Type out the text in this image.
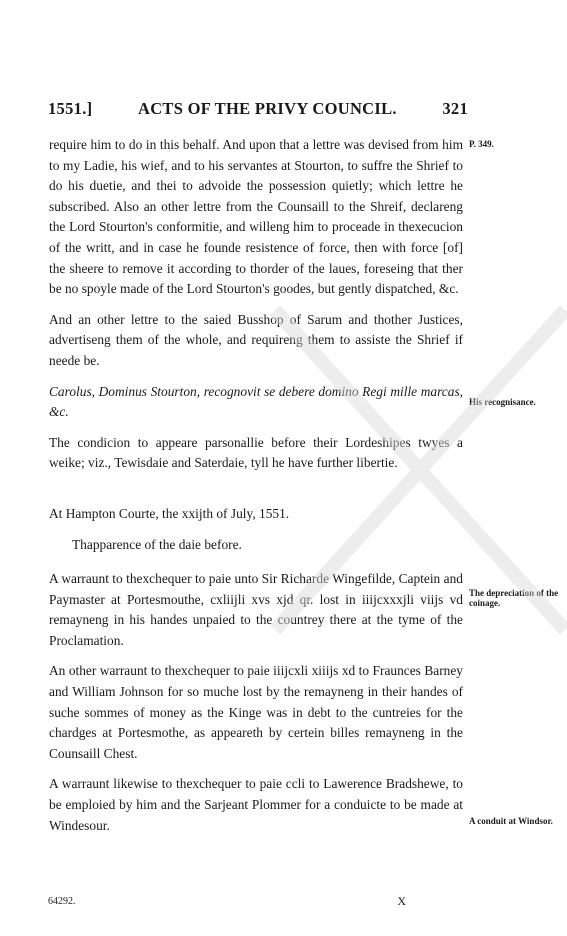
1551.]	ACTS OF THE PRIVY COUNCIL.	321

require him to do in this behalf. And upon that a lettre was devised from him to my Ladie, his wief, and to his servantes at Stourton, to suffre the Shrief to do his duetie, and thei to advoide the possession quietly; which lettre he subscribed. Also an other lettre from the Counsaill to the Shreif, declareng the Lord Stourton's conformitie, and willeng him to proceade in thexecucion of the writt, and in case he founde resistence of force, then with force [of] the sheere to remove it according to thorder of the laues, foreseing that ther be no spoyle made of the Lord Stourton's goodes, but gently dispatched, &c.

And an other lettre to the saied Busshop of Sarum and thother Justices, advertiseng them of the whole, and requireng them to assiste the Shrief if neede be.

Carolus, Dominus Stourton, recognovit se debere domino Regi mille marcas, &c.

The condicion to appeare parsonallie before their Lordeshipes twyes a weike; viz., Tewisdaie and Saterdaie, tyll he have further libertie.

At Hampton Courte, the xxijth of July, 1551.

Thapparence of the daie before.

A warraunt to thexchequer to paie unto Sir Richarde Wingefilde, Captein and Paymaster at Portesmouthe, cxliijli xvs xjd qr. lost in iiijcxxxjli viijs vd remayneng in his handes unpaied to the countrey there at the tyme of the Proclamation.

An other warraunt to thexchequer to paie iiijcxli xiiijs xd to Fraunces Barney and William Johnson for so muche lost by the remayneng in their handes of suche sommes of money as the Kinge was in debt to the cuntreies for the chardges at Portesmothe, as appeareth by certein billes remayneng in the Counsaill Chest.

A warraunt likewise to thexchequer to paie ccli to Lawerence Bradshewe, to be emploied by him and the Sarjeant Plommer for a conduicte to be made at Windesour.

P. 349.
His recognisance.
The depreciation of the coinage.
A conduit at Windsor.
64292.	X
